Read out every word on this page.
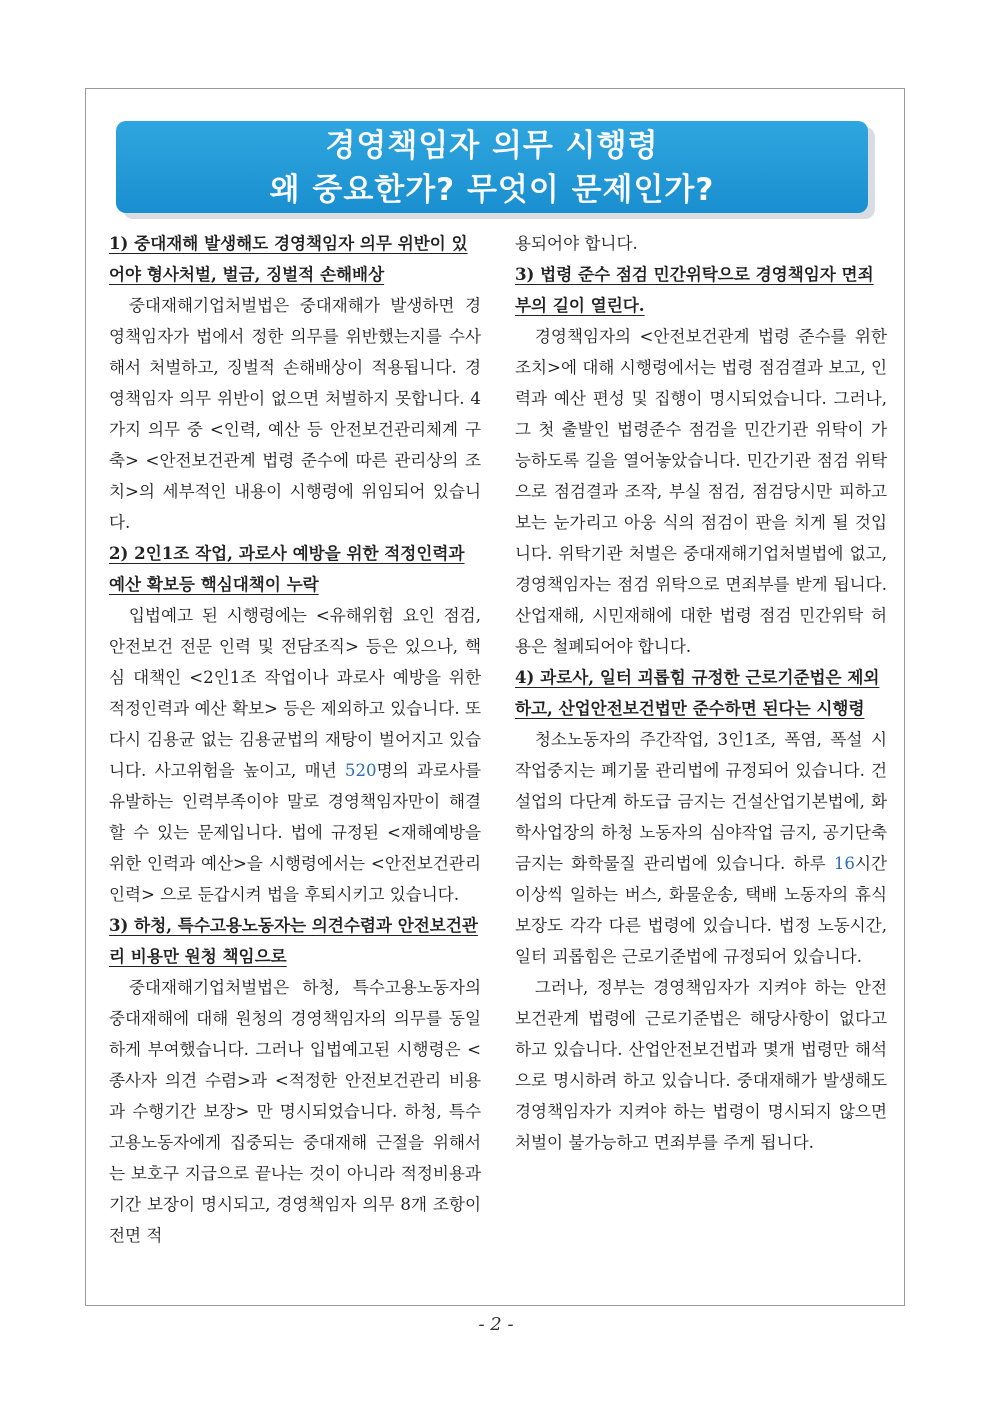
경영책임자 의무 시행령
왜 중요한가? 무엇이 문제인가?
1) 중대재해 발생해도 경영책임자 의무 위반이 있어야 형사처벌, 벌금, 징벌적 손해배상

중대재해기업처벌법은 중대재해가 발생하면 경영책임자가 법에서 정한 의무를 위반했는지를 수사해서 처벌하고, 징벌적 손해배상이 적용됩니다. 경영책임자 의무 위반이 없으면 처벌하지 못합니다. 4가지 의무 중 <인력, 예산 등 안전보건관리체계 구축> <안전보건관계 법령 준수에 따른 관리상의 조치>의 세부적인 내용이 시행령에 위임되어 있습니다.

2) 2인1조 작업, 과로사 예방을 위한 적정인력과 예산 확보등 핵심대책이 누락

입법예고 된 시행령에는 <유해위험 요인 점검, 안전보건 전문 인력 및 전담조직> 등은 있으나, 핵심 대책인 <2인1조 작업이나 과로사 예방을 위한 적정인력과 예산 확보> 등은 제외하고 있습니다. 또 다시 김용균 없는 김용균법의 재탕이 벌어지고 있습니다. 사고위험을 높이고, 매년 520명의 과로사를 유발하는 인력부족이야 말로 경영책임자만이 해결할 수 있는 문제입니다. 법에 규정된 <재해예방을 위한 인력과 예산>을 시행령에서는 <안전보건관리 인력> 으로 둔갑시켜 법을 후퇴시키고 있습니다.

3) 하청, 특수고용노동자는 의견수렴과 안전보건관리 비용만 원청 책임으로

중대재해기업처벌법은 하청, 특수고용노동자의 중대재해에 대해 원청의 경영책임자의 의무를 동일하게 부여했습니다. 그러나 입법예고된 시행령은 <종사자 의견 수렴>과 <적정한 안전보건관리 비용과 수행기간 보장> 만 명시되었습니다. 하청, 특수고용노동자에게 집중되는 중대재해 근절을 위해서는 보호구 지급으로 끝나는 것이 아니라 적정비용과 기간 보장이 명시되고, 경영책임자 의무 8개 조항이 전면 적

용되어야 합니다.

3) 법령 준수 점검 민간위탁으로 경영책임자 면죄부의 길이 열린다.

경영책임자의 <안전보건관계 법령 준수를 위한 조치>에 대해 시행령에서는 법령 점검결과 보고, 인력과 예산 편성 및 집행이 명시되었습니다. 그러나, 그 첫 출발인 법령준수 점검을 민간기관 위탁이 가능하도록 길을 열어놓았습니다. 민간기관 점검 위탁으로 점검결과 조작, 부실 점검, 점검당시만 피하고 보는 눈가리고 아웅 식의 점검이 판을 치게 될 것입니다. 위탁기관 처벌은 중대재해기업처벌법에 없고, 경영책임자는 점검 위탁으로 면죄부를 받게 됩니다. 산업재해, 시민재해에 대한 법령 점검 민간위탁 허용은 철폐되어야 합니다.

4) 과로사, 일터 괴롭힘 규정한 근로기준법은 제외하고, 산업안전보건법만 준수하면 된다는 시행령

청소노동자의 주간작업, 3인1조, 폭염, 폭설 시 작업중지는 폐기물 관리법에 규정되어 있습니다. 건설업의 다단계 하도급 금지는 건설산업기본법에, 화학사업장의 하청 노동자의 심야작업 금지, 공기단축 금지는 화학물질 관리법에 있습니다. 하루 16시간 이상씩 일하는 버스, 화물운송, 택배 노동자의 휴식 보장도 각각 다른 법령에 있습니다. 법정 노동시간, 일터 괴롭힘은 근로기준법에 규정되어 있습니다.

그러나, 정부는 경영책임자가 지켜야 하는 안전보건관계 법령에 근로기준법은 해당사항이 없다고 하고 있습니다. 산업안전보건법과 몇개 법령만 해석으로 명시하려 하고 있습니다. 중대재해가 발생해도 경영책임자가 지켜야 하는 법령이 명시되지 않으면 처벌이 불가능하고 면죄부를 주게 됩니다.

- 2 -
